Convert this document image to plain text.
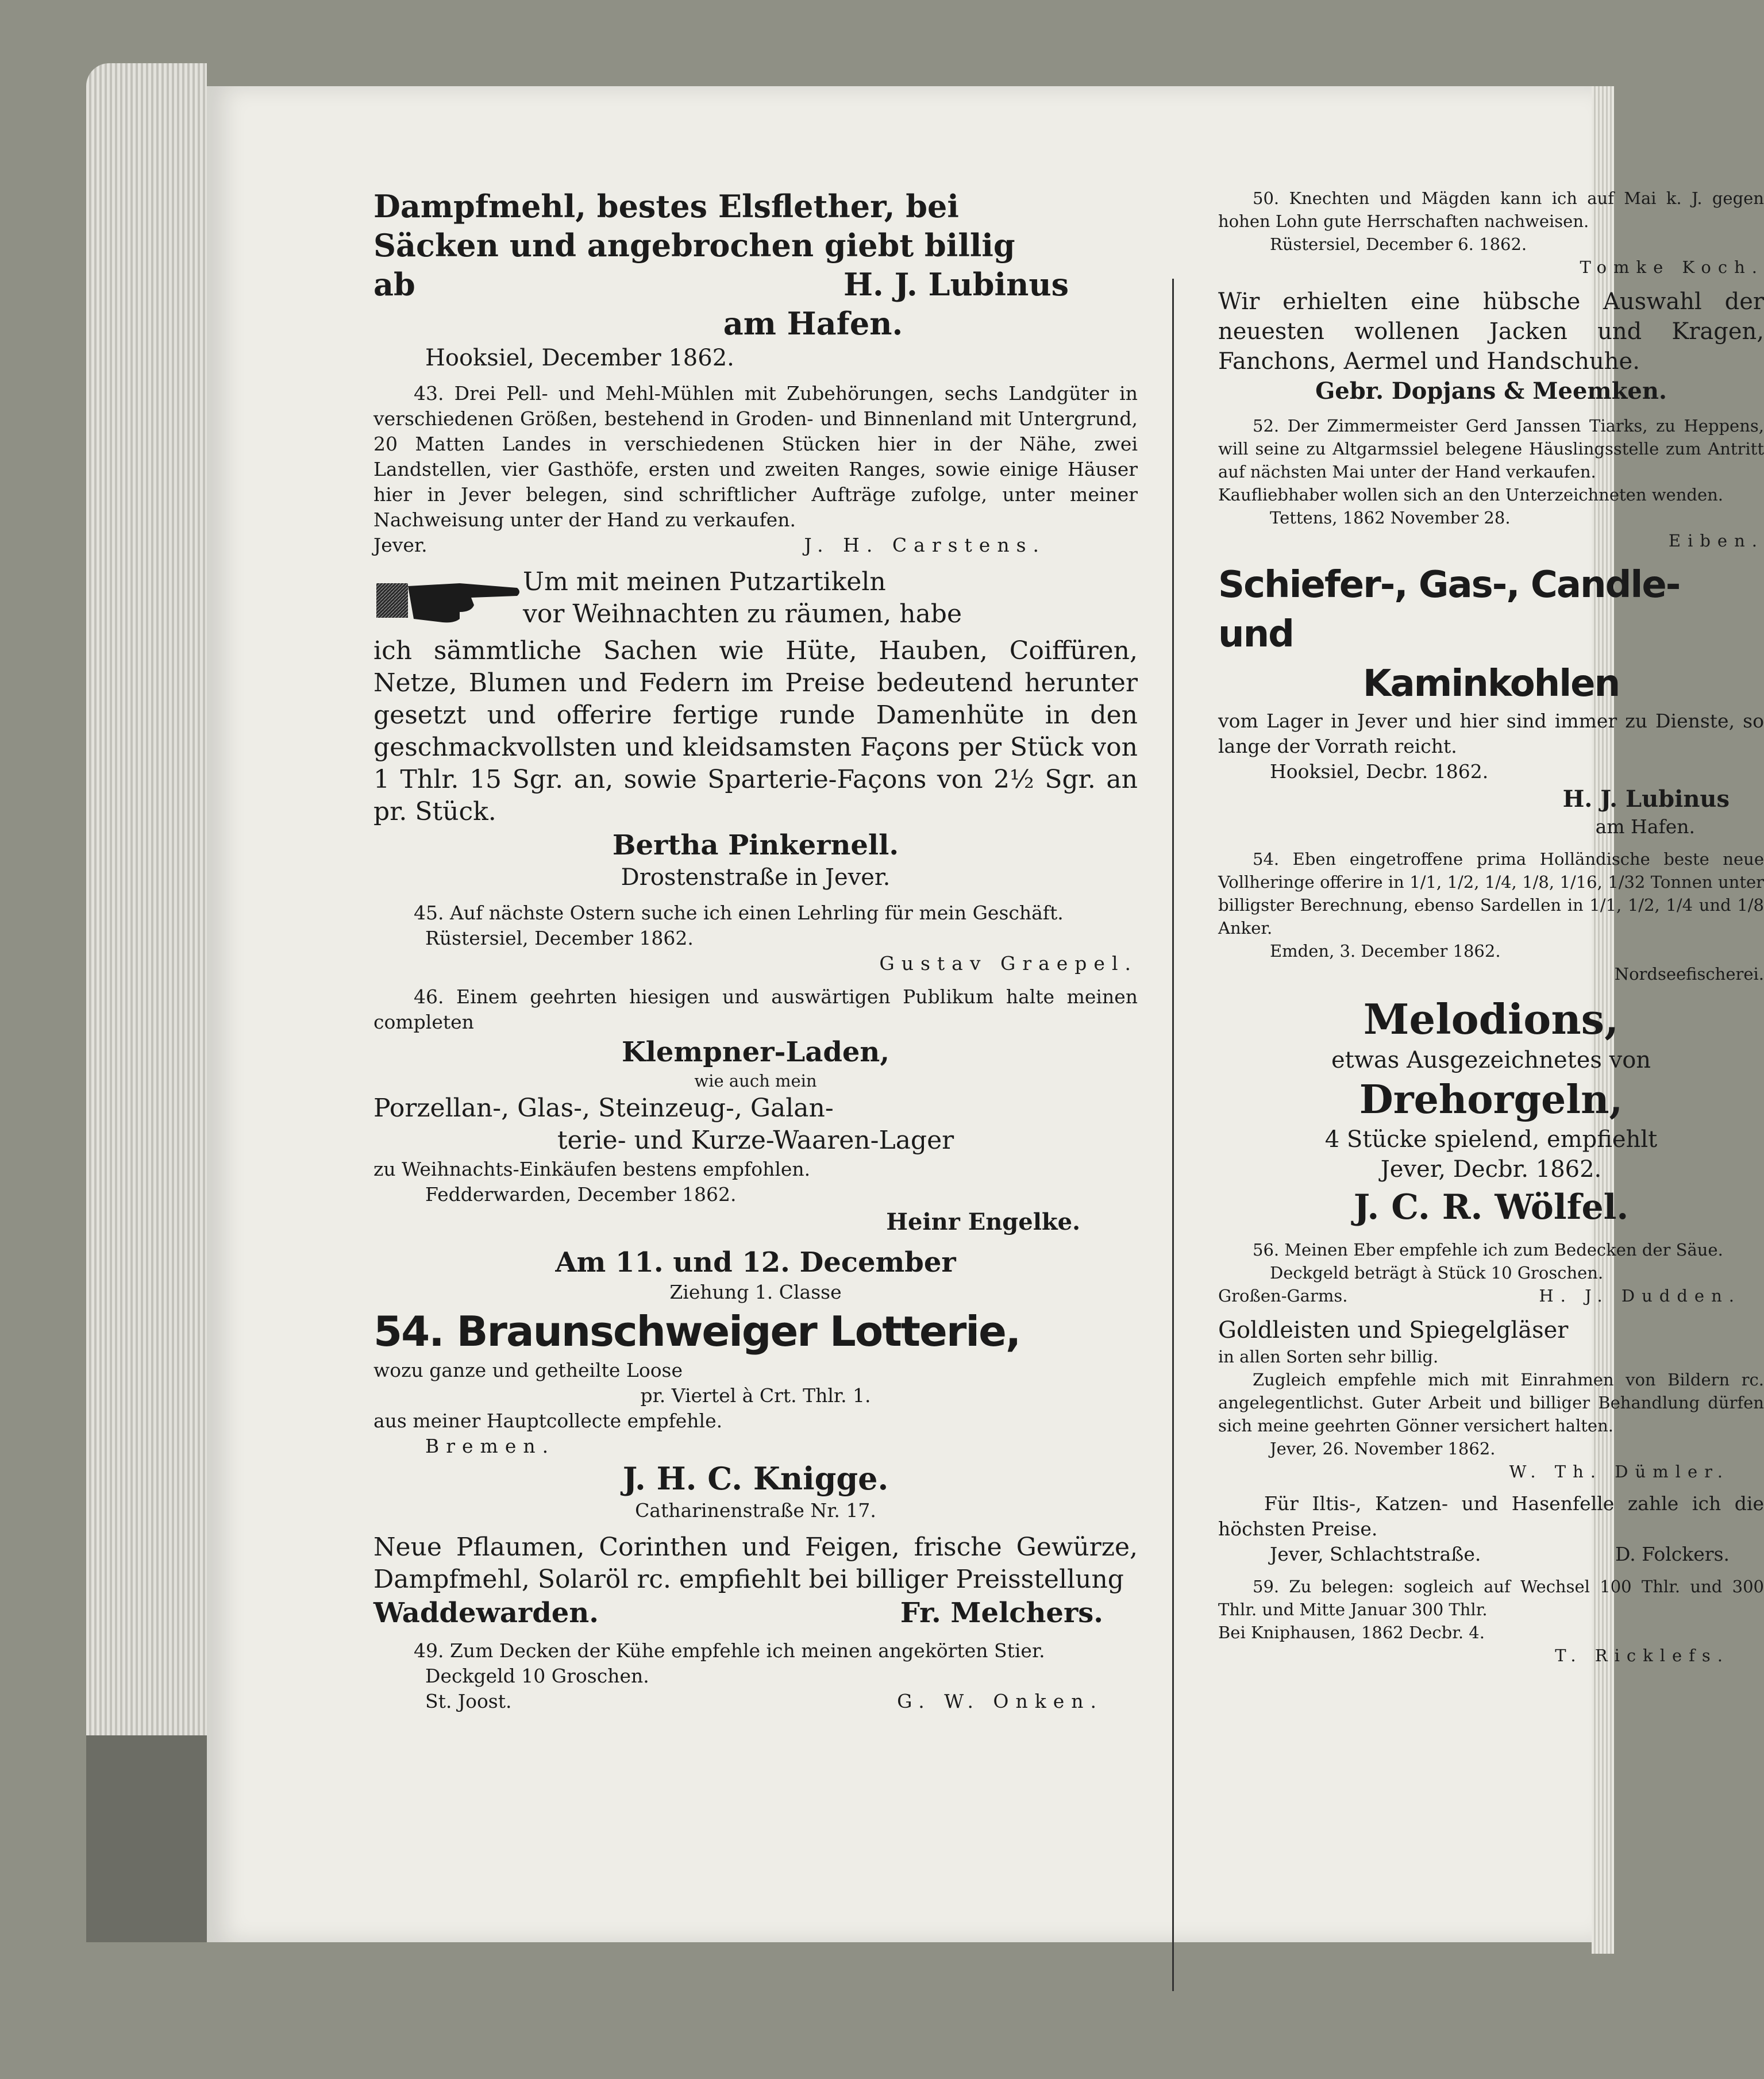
Dampfmehl, bestes Elsflether, bei
Säcken und angebrochen giebt billig
ab	H. J. Lubinus
am Hafen.
Hooksiel, December 1862.
43. Drei Pell- und Mehl-Mühlen mit Zubehörungen, sechs Landgüter in verschiedenen Größen, bestehend in Groden- und Binnenland mit Untergrund, 20 Matten Landes in verschiedenen Stücken hier in der Nähe, zwei Landstellen, vier Gasthöfe, ersten und zweiten Ranges, sowie einige Häuser hier in Jever belegen, sind schriftlicher Aufträge zufolge, unter meiner Nachweisung unter der Hand zu verkaufen.
Jever.	J. H. Carstens.
Um mit meinen Putzartikeln
vor Weihnachten zu räumen, habe
ich sämmtliche Sachen wie Hüte, Hauben, Coiffüren, Netze, Blumen und Federn im Preise bedeutend herunter gesetzt und offerire fertige runde Damenhüte in den geschmackvollsten und kleidsamsten Façons per Stück von 1 Thlr. 15 Sgr. an, sowie Sparterie-Façons von 2½ Sgr. an pr. Stück.
Bertha Pinkernell.
Drostenstraße in Jever.
45. Auf nächste Ostern suche ich einen Lehrling für mein Geschäft.
Rüstersiel, December 1862.
Gustav Graepel.
46. Einem geehrten hiesigen und auswärtigen Publikum halte meinen completen
Klempner-Laden,
wie auch mein
Porzellan-, Glas-, Steinzeug-, Galan-
terie- und Kurze-Waaren-Lager
zu Weihnachts-Einkäufen bestens empfohlen.
Fedderwarden, December 1862.
Heinr Engelke.
Am 11. und 12. December
Ziehung 1. Classe
54. Braunschweiger Lotterie,
wozu ganze und getheilte Loose
pr. Viertel à Crt. Thlr. 1.
aus meiner Hauptcollecte empfehle.
Bremen.
J. H. C. Knigge.
Catharinenstraße Nr. 17.
Neue Pflaumen, Corinthen und Feigen, frische Gewürze, Dampfmehl, Solaröl rc. empfiehlt bei billiger Preisstellung
Waddewarden.	Fr. Melchers.
49. Zum Decken der Kühe empfehle ich meinen angekörten Stier.
Deckgeld 10 Groschen.
St. Joost.	G. W. Onken.
50. Knechten und Mägden kann ich auf Mai k. J. gegen hohen Lohn gute Herrschaften nachweisen.
Rüstersiel, December 6. 1862.
Tomke Koch.
Wir erhielten eine hübsche Auswahl der neuesten wollenen Jacken und Kragen, Fanchons, Aermel und Handschuhe.
Gebr. Dopjans & Meemken.
52. Der Zimmermeister Gerd Janssen Tiarks, zu Heppens, will seine zu Altgarmssiel belegene Häuslingsstelle zum Antritt auf nächsten Mai unter der Hand verkaufen.
Kaufliebhaber wollen sich an den Unterzeichneten wenden.
Tettens, 1862 November 28.
Eiben.
Schiefer-, Gas-, Candle- und
Kaminkohlen
vom Lager in Jever und hier sind immer zu Dienste, so lange der Vorrath reicht.
Hooksiel, Decbr. 1862.
H. J. Lubinus
am Hafen.
54. Eben eingetroffene prima Holländische beste neue Vollheringe offerire in 1/1, 1/2, 1/4, 1/8, 1/16, 1/32 Tonnen unter billigster Berechnung, ebenso Sardellen in 1/1, 1/2, 1/4 und 1/8 Anker.
Emden, 3. December 1862.
Nordseefischerei.
Melodions,
etwas Ausgezeichnetes von
Drehorgeln,
4 Stücke spielend, empfiehlt
Jever, Decbr. 1862.
J. C. R. Wölfel.
56. Meinen Eber empfehle ich zum Bedecken der Säue.
Deckgeld beträgt à Stück 10 Groschen.
Großen-Garms.	H. J. Dudden.
Goldleisten und Spiegelgläser
in allen Sorten sehr billig.
Zugleich empfehle mich mit Einrahmen von Bildern rc. angelegentlichst. Guter Arbeit und billiger Behandlung dürfen sich meine geehrten Gönner versichert halten.
Jever, 26. November 1862.
W. Th. Dümler.
Für Iltis-, Katzen- und Hasenfelle zahle ich die höchsten Preise.
Jever, Schlachtstraße.	D. Folckers.
59. Zu belegen: sogleich auf Wechsel 100 Thlr. und 300 Thlr. und Mitte Januar 300 Thlr.
Bei Kniphausen, 1862 Decbr. 4.
T. Ricklefs.
